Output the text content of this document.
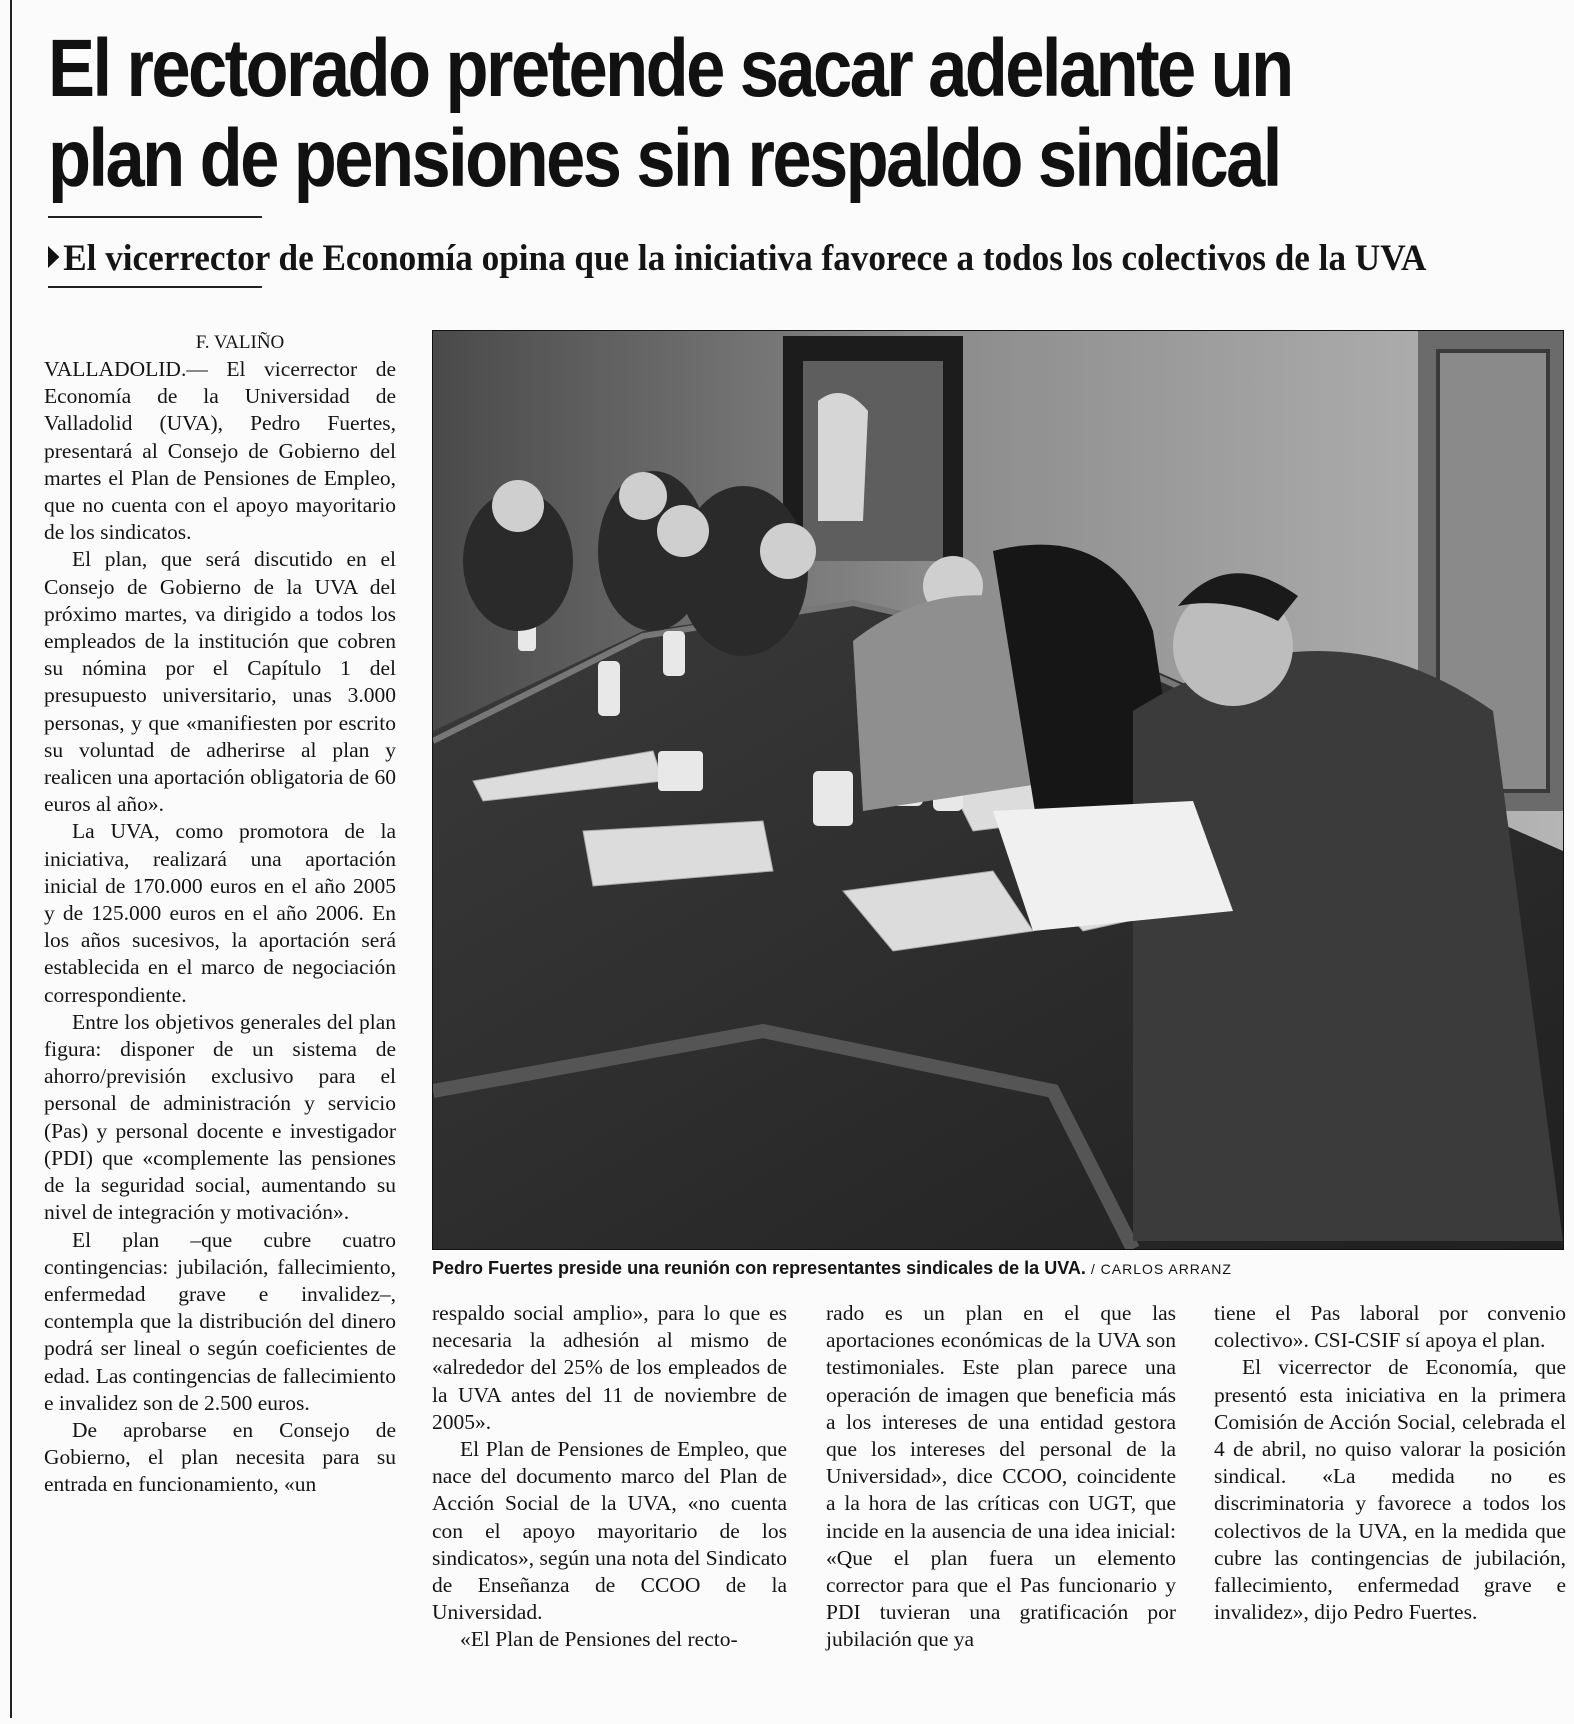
El rectorado pretende sacar adelante un plan de pensiones sin respaldo sindical
El vicerrector de Economía opina que la iniciativa favorece a todos los colectivos de la UVA
F. VALIÑO

VALLADOLID.— El vicerrector de Economía de la Universidad de Valladolid (UVA), Pedro Fuertes, presentará al Consejo de Gobierno del martes el Plan de Pensiones de Empleo, que no cuenta con el apoyo mayoritario de los sindicatos.

El plan, que será discutido en el Consejo de Gobierno de la UVA del próximo martes, va dirigido a todos los empleados de la institución que cobren su nómina por el Capítulo 1 del presupuesto universitario, unas 3.000 personas, y que «manifiesten por escrito su voluntad de adherirse al plan y realicen una aportación obligatoria de 60 euros al año».

La UVA, como promotora de la iniciativa, realizará una aportación inicial de 170.000 euros en el año 2005 y de 125.000 euros en el año 2006. En los años sucesivos, la aportación será establecida en el marco de negociación correspondiente.

Entre los objetivos generales del plan figura: disponer de un sistema de ahorro/previsión exclusivo para el personal de administración y servicio (Pas) y personal docente e investigador (PDI) que «complemente las pensiones de la seguridad social, aumentando su nivel de integración y motivación».

El plan –que cubre cuatro contingencias: jubilación, fallecimiento, enfermedad grave e invalidez–, contempla que la distribución del dinero podrá ser lineal o según coeficientes de edad. Las contingencias de fallecimiento e invalidez son de 2.500 euros.

De aprobarse en Consejo de Gobierno, el plan necesita para su entrada en funcionamiento, «un

Pedro Fuertes preside una reunión con representantes sindicales de la UVA. / CARLOS ARRANZ

respaldo social amplio», para lo que es necesaria la adhesión al mismo de «alrededor del 25% de los empleados de la UVA antes del 11 de noviembre de 2005».

El Plan de Pensiones de Empleo, que nace del documento marco del Plan de Acción Social de la UVA, «no cuenta con el apoyo mayoritario de los sindicatos», según una nota del Sindicato de Enseñanza de CCOO de la Universidad.

«El Plan de Pensiones del recto-

rado es un plan en el que las aportaciones económicas de la UVA son testimoniales. Este plan parece una operación de imagen que beneficia más a los intereses de una entidad gestora que los intereses del personal de la Universidad», dice CCOO, coincidente a la hora de las críticas con UGT, que incide en la ausencia de una idea inicial: «Que el plan fuera un elemento corrector para que el Pas funcionario y PDI tuvieran una gratificación por jubilación que ya

tiene el Pas laboral por convenio colectivo». CSI-CSIF sí apoya el plan.

El vicerrector de Economía, que presentó esta iniciativa en la primera Comisión de Acción Social, celebrada el 4 de abril, no quiso valorar la posición sindical. «La medida no es discriminatoria y favorece a todos los colectivos de la UVA, en la medida que cubre las contingencias de jubilación, fallecimiento, enfermedad grave e invalidez», dijo Pedro Fuertes.
